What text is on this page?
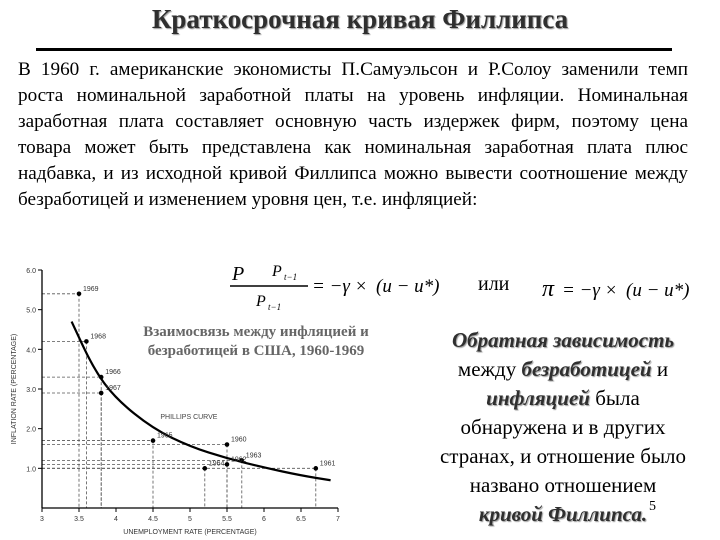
Краткосрочная кривая Филлипса
В 1960 г. американские экономисты П.Самуэльсон и Р.Солоу заменили темп роста номинальной заработной платы на уровень инфляции. Номинальная заработная плата составляет основную часть издержек фирм, поэтому цена товара может быть представлена как номинальная заработная плата плюс надбавка, и из исходной кривой Филлипса можно вывести соотношение между безработицей и изменением уровня цен, т.е. инфляцией:
3	3.5	4	4.5	5	5.5	6	6.5	7
1.0
2.0
3.0
4.0
5.0
6.0
1969
1968
1967
1966
1965
1963
1962
1964
1960
1961
PHILLIPS CURVE
UNEMPLOYMENT RATE (PERCENTAGE)
INFLATION RATE (PERCENTAGE)
Взаимосвязь между инфляцией и безработицей в США, 1960-1969
P P t−1
P t−1
= −γ × (u − u*) или π = −γ × (u − u*)
Обратная зависимость
между безработицей и
инфляцией была
обнаружена и в других
странах, и отношение было
названо отношением
кривой Филлипса. 5
